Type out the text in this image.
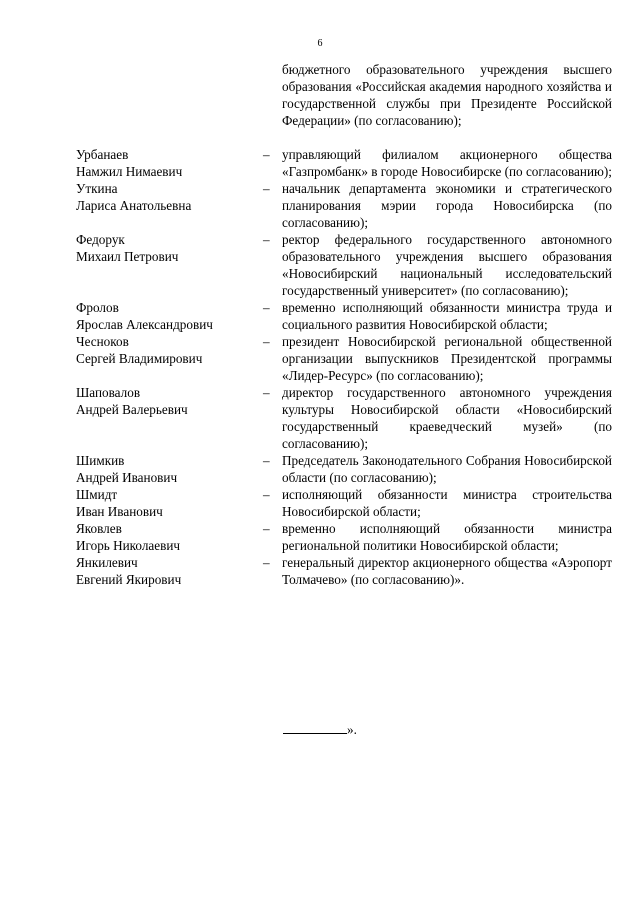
6
бюджетного образовательного учреждения высшего образования «Российская академия народного хозяйства и государственной службы при Президенте Российской Федерации» (по согласованию);
Урбанаев
Намжил Нимаевич
– управляющий филиалом акционерного общества «Газпромбанк» в городе Новосибирске (по согласованию);
Уткина
Лариса Анатольевна
– начальник департамента экономики и стратегического планирования мэрии города Новосибирска (по согласованию);
Федорук
Михаил Петрович
– ректор федерального государственного автономного образовательного учреждения высшего образования «Новосибирский национальный исследовательский государственный университет» (по согласованию);
Фролов
Ярослав Александрович
– временно исполняющий обязанности министра труда и социального развития Новосибирской области;
Чесноков
Сергей Владимирович
– президент Новосибирской региональной общественной организации выпускников Президентской программы «Лидер-Ресурс» (по согласованию);
Шаповалов
Андрей Валерьевич
– директор государственного автономного учреждения культуры Новосибирской области «Новосибирский государственный краеведческий музей» (по согласованию);
Шимкив
Андрей Иванович
– Председатель Законодательного Собрания Новосибирской области (по согласованию);
Шмидт
Иван Иванович
– исполняющий обязанности министра строительства Новосибирской области;
Яковлев
Игорь Николаевич
– временно исполняющий обязанности министра региональной политики Новосибирской области;
Янкилевич
Евгений Якирович
– генеральный директор акционерного общества «Аэропорт Толмачево» (по согласованию)».
».
